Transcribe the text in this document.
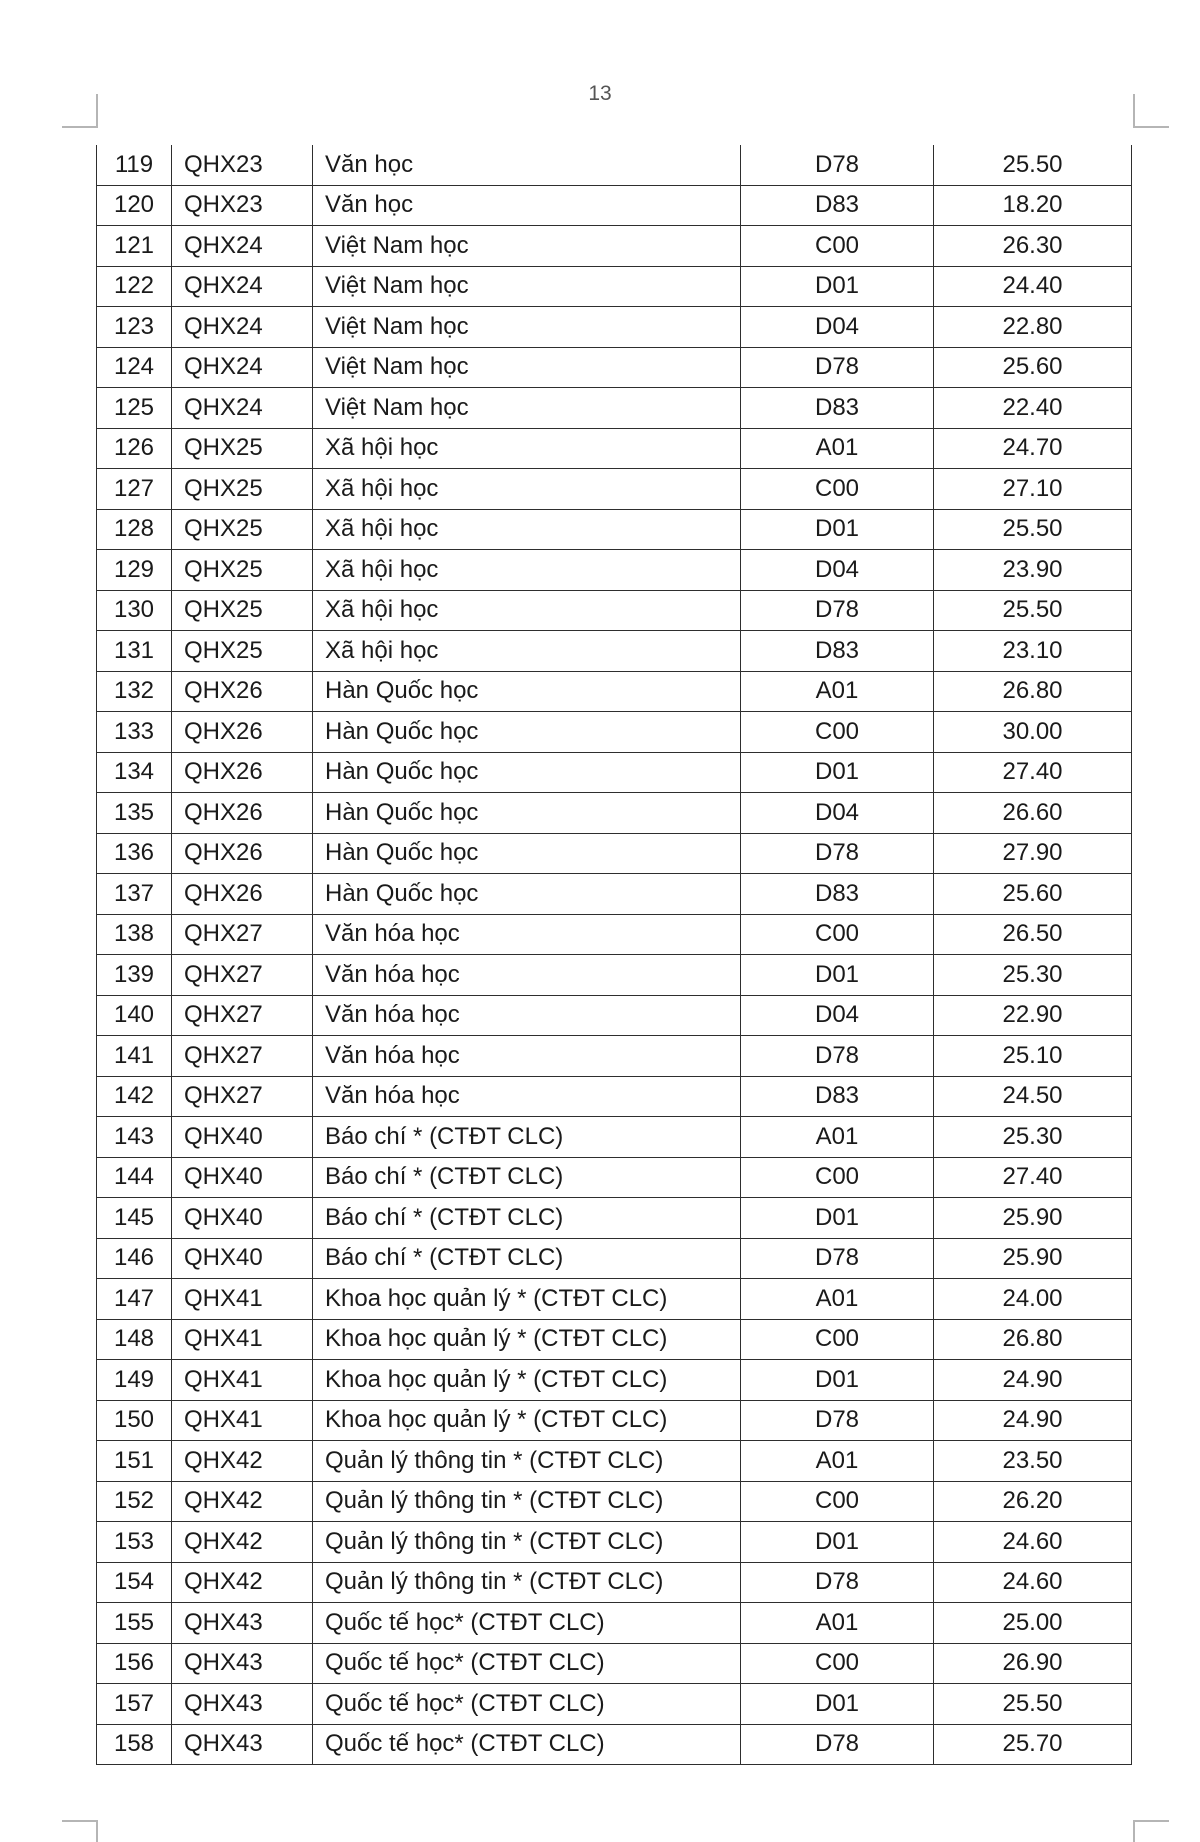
13
119	QHX23	Văn học	D78	25.50
120	QHX23	Văn học	D83	18.20
121	QHX24	Việt Nam học	C00	26.30
122	QHX24	Việt Nam học	D01	24.40
123	QHX24	Việt Nam học	D04	22.80
124	QHX24	Việt Nam học	D78	25.60
125	QHX24	Việt Nam học	D83	22.40
126	QHX25	Xã hội học	A01	24.70
127	QHX25	Xã hội học	C00	27.10
128	QHX25	Xã hội học	D01	25.50
129	QHX25	Xã hội học	D04	23.90
130	QHX25	Xã hội học	D78	25.50
131	QHX25	Xã hội học	D83	23.10
132	QHX26	Hàn Quốc học	A01	26.80
133	QHX26	Hàn Quốc học	C00	30.00
134	QHX26	Hàn Quốc học	D01	27.40
135	QHX26	Hàn Quốc học	D04	26.60
136	QHX26	Hàn Quốc học	D78	27.90
137	QHX26	Hàn Quốc học	D83	25.60
138	QHX27	Văn hóa học	C00	26.50
139	QHX27	Văn hóa học	D01	25.30
140	QHX27	Văn hóa học	D04	22.90
141	QHX27	Văn hóa học	D78	25.10
142	QHX27	Văn hóa học	D83	24.50
143	QHX40	Báo chí * (CTĐT CLC)	A01	25.30
144	QHX40	Báo chí * (CTĐT CLC)	C00	27.40
145	QHX40	Báo chí * (CTĐT CLC)	D01	25.90
146	QHX40	Báo chí * (CTĐT CLC)	D78	25.90
147	QHX41	Khoa học quản lý * (CTĐT CLC)	A01	24.00
148	QHX41	Khoa học quản lý * (CTĐT CLC)	C00	26.80
149	QHX41	Khoa học quản lý * (CTĐT CLC)	D01	24.90
150	QHX41	Khoa học quản lý * (CTĐT CLC)	D78	24.90
151	QHX42	Quản lý thông tin * (CTĐT CLC)	A01	23.50
152	QHX42	Quản lý thông tin * (CTĐT CLC)	C00	26.20
153	QHX42	Quản lý thông tin * (CTĐT CLC)	D01	24.60
154	QHX42	Quản lý thông tin * (CTĐT CLC)	D78	24.60
155	QHX43	Quốc tế học* (CTĐT CLC)	A01	25.00
156	QHX43	Quốc tế học* (CTĐT CLC)	C00	26.90
157	QHX43	Quốc tế học* (CTĐT CLC)	D01	25.50
158	QHX43	Quốc tế học* (CTĐT CLC)	D78	25.70
